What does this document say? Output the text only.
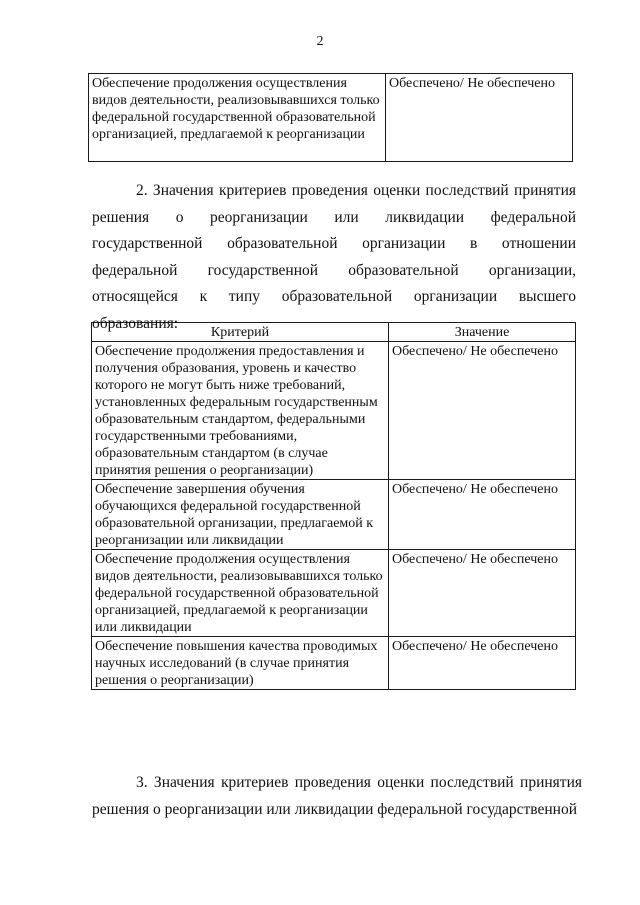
2
Обеспечение продолжения осуществления видов деятельности, реализовывавшихся только федеральной государственной образовательной организацией, предлагаемой к реорганизации	Обеспечено/ Не обеспечено

2. Значения критериев проведения оценки последствий принятия решения о реорганизации или ликвидации федеральной государственной образовательной организации в отношении федеральной государственной образовательной организации, относящейся к типу образовательной организации высшего образования:

Критерий	Значение
Обеспечение продолжения предоставления и получения образования, уровень и качество которого не могут быть ниже требований, установленных федеральным государственным образовательным стандартом, федеральными государственными требованиями, образовательным стандартом (в случае принятия решения о реорганизации)	Обеспечено/ Не обеспечено
Обеспечение завершения обучения обучающихся федеральной государственной образовательной организации, предлагаемой к реорганизации или ликвидации	Обеспечено/ Не обеспечено
Обеспечение продолжения осуществления видов деятельности, реализовывавшихся только федеральной государственной образовательной организацией, предлагаемой к реорганизации или ликвидации	Обеспечено/ Не обеспечено
Обеспечение повышения качества проводимых научных исследований (в случае принятия решения о реорганизации)	Обеспечено/ Не обеспечено

3. Значения критериев проведения оценки последствий принятия решения о реорганизации или ликвидации федеральной государственной
